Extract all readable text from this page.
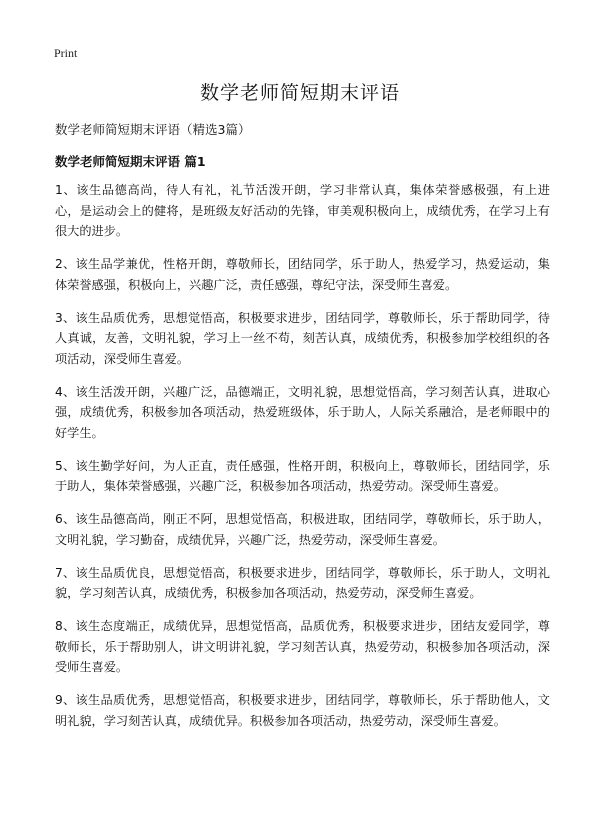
Print
数学老师简短期末评语

数学老师简短期末评语（精选3篇）

数学老师简短期末评语 篇1
1、该生品德高尚，待人有礼，礼节活泼开朗，学习非常认真，集体荣誉感极强，有上进心，是运动会上的健将，是班级友好活动的先锋，审美观积极向上，成绩优秀，在学习上有很大的进步。
2、该生品学兼优，性格开朗，尊敬师长，团结同学，乐于助人，热爱学习，热爱运动，集体荣誉感强，积极向上，兴趣广泛，责任感强，尊纪守法，深受师生喜爱。
3、该生品质优秀，思想觉悟高，积极要求进步，团结同学，尊敬师长，乐于帮助同学，待人真诚，友善，文明礼貌，学习上一丝不苟，刻苦认真，成绩优秀，积极参加学校组织的各项活动，深受师生喜爱。
4、该生活泼开朗，兴趣广泛，品德端正，文明礼貌，思想觉悟高，学习刻苦认真，进取心强，成绩优秀，积极参加各项活动，热爱班级体，乐于助人，人际关系融洽，是老师眼中的好学生。
5、该生勤学好问，为人正直，责任感强，性格开朗，积极向上，尊敬师长，团结同学，乐于助人，集体荣誉感强，兴趣广泛，积极参加各项活动，热爱劳动。深受师生喜爱。
6、该生品德高尚，刚正不阿，思想觉悟高，积极进取，团结同学，尊敬师长，乐于助人，文明礼貌，学习勤奋，成绩优异，兴趣广泛，热爱劳动，深受师生喜爱。
7、该生品质优良，思想觉悟高，积极要求进步，团结同学，尊敬师长，乐于助人，文明礼貌，学习刻苦认真，成绩优秀，积极参加各项活动，热爱劳动，深受师生喜爱。
8、该生态度端正，成绩优异，思想觉悟高，品质优秀，积极要求进步，团结友爱同学，尊敬师长，乐于帮助别人，讲文明讲礼貌，学习刻苦认真，热爱劳动，积极参加各项活动，深受师生喜爱。
9、该生品质优秀，思想觉悟高，积极要求进步，团结同学，尊敬师长，乐于帮助他人，文明礼貌，学习刻苦认真，成绩优异。积极参加各项活动，热爱劳动，深受师生喜爱。
